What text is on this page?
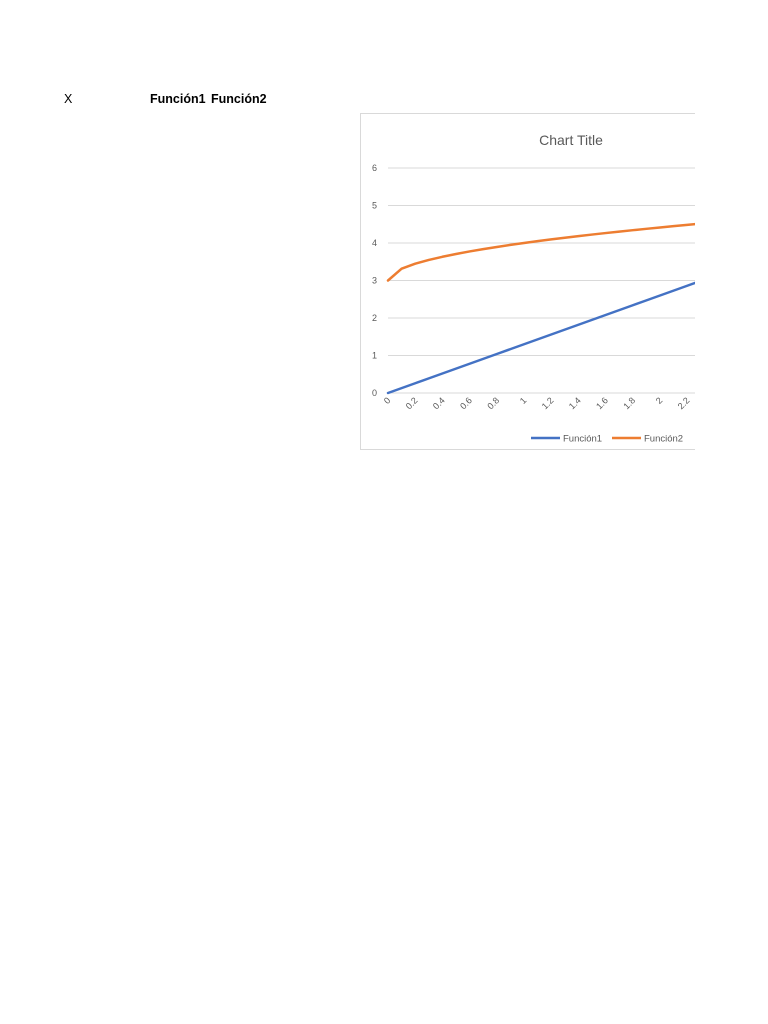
X	Función1 Función2
Chart Title
0
1
2
3
4
5
6
0 0.2 0.4 0.6 0.8 1 1.2 1.4 1.6 1.8 2 2.2
Función1	Función2
